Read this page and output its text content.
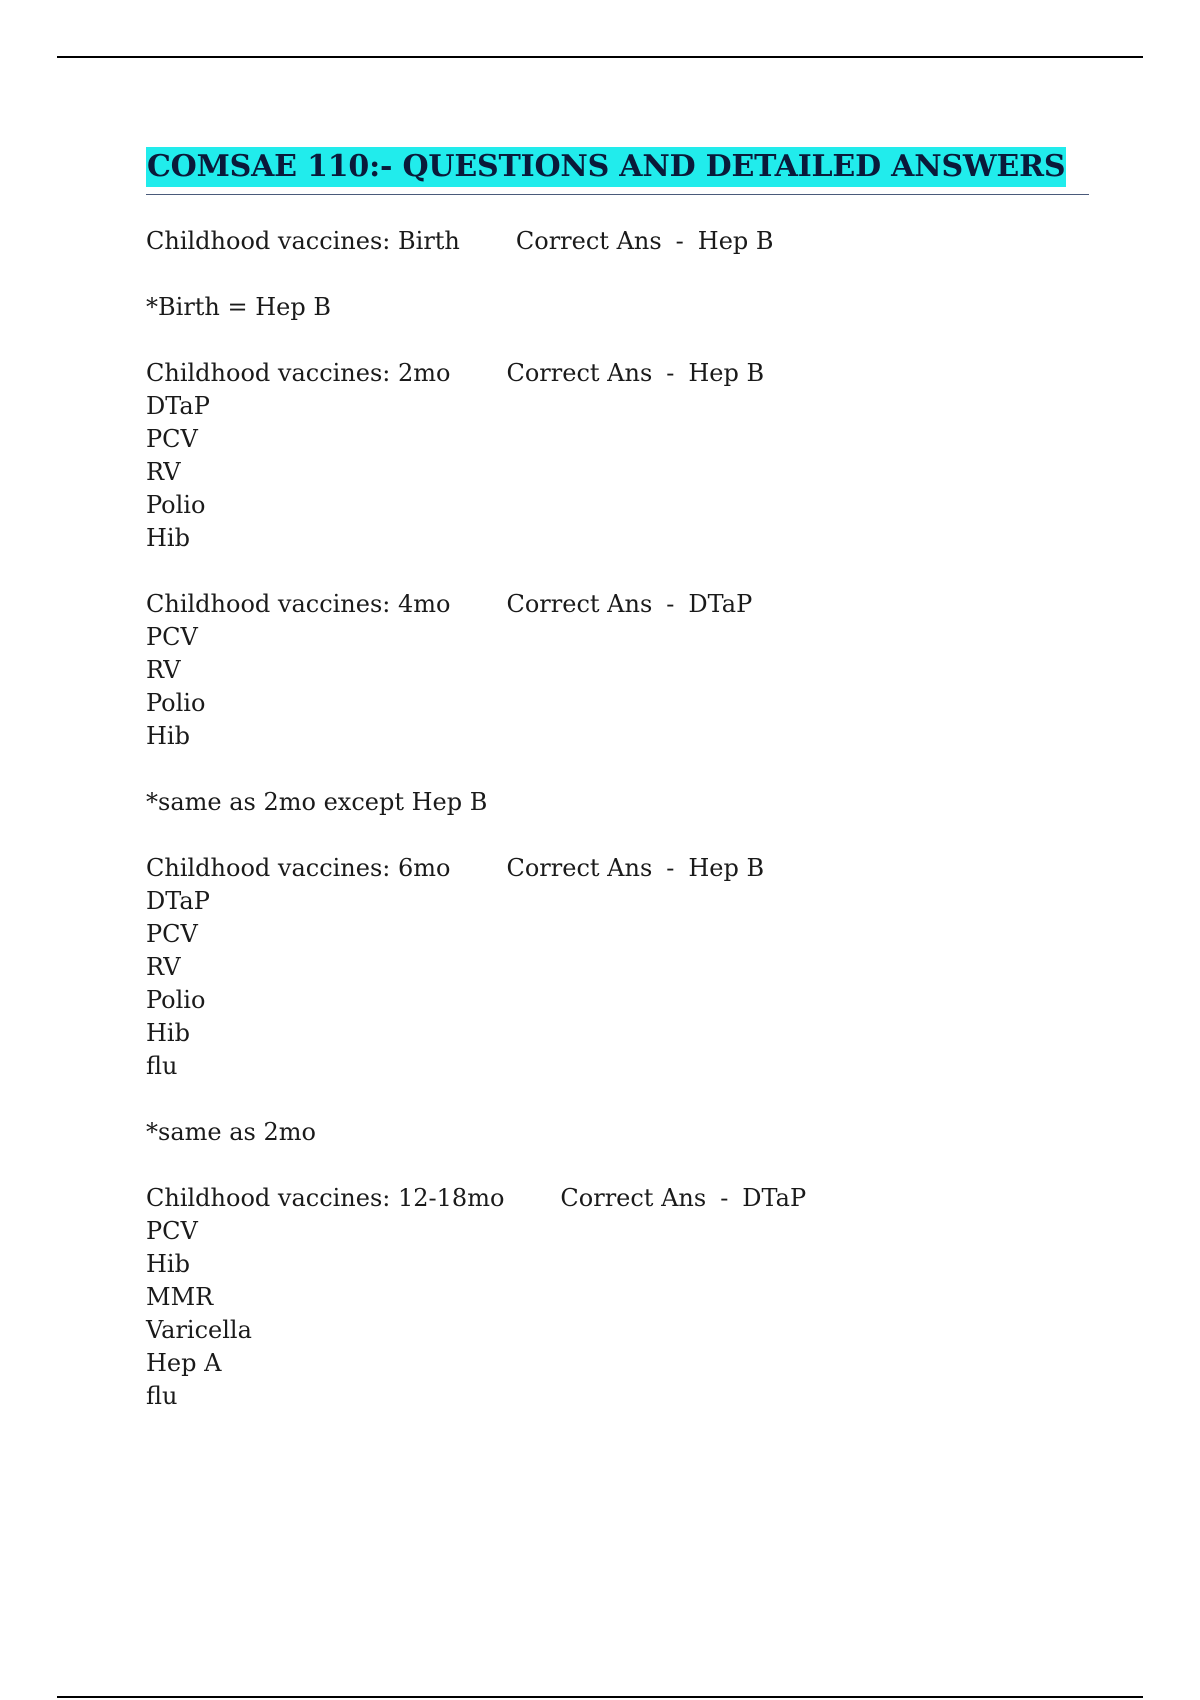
COMSAE 110:- QUESTIONS AND DETAILED ANSWERS
Childhood vaccines: Birth Correct Ans - Hep B
*Birth = Hep B
Childhood vaccines: 2mo Correct Ans - Hep B
DTaP
PCV
RV
Polio
Hib
Childhood vaccines: 4mo Correct Ans - DTaP
PCV
RV
Polio
Hib
*same as 2mo except Hep B
Childhood vaccines: 6mo Correct Ans - Hep B
DTaP
PCV
RV
Polio
Hib
flu
*same as 2mo
Childhood vaccines: 12-18mo Correct Ans - DTaP
PCV
Hib
MMR
Varicella
Hep A
flu
